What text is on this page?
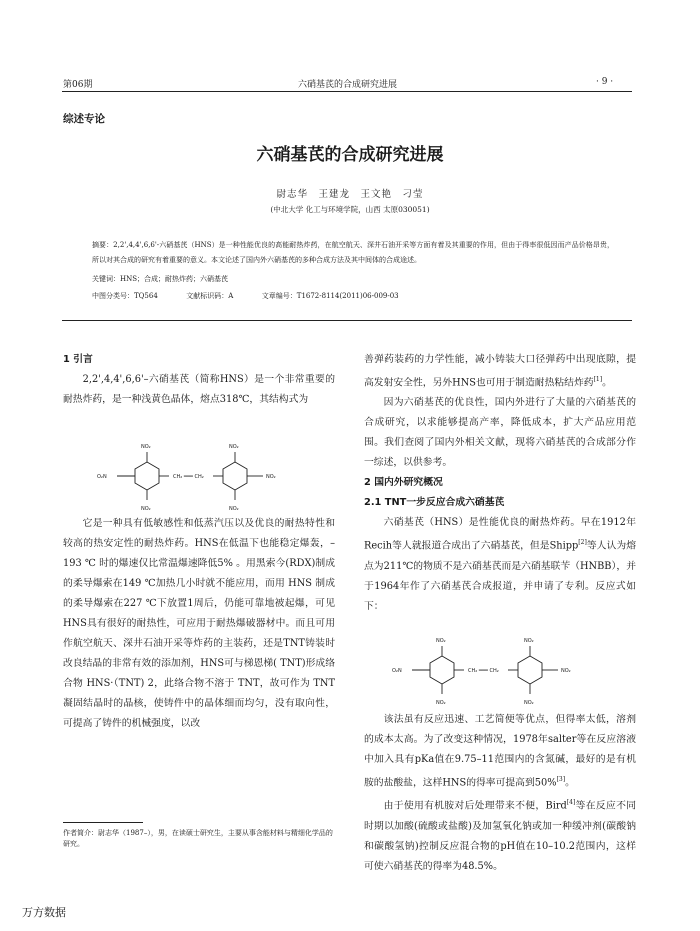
第06期	六硝基芪的合成研究进展	· 9 ·
综述专论
六硝基芪的合成研究进展
尉志华　王建龙　王文艳　刁莹
(中北大学 化工与环境学院，山西 太原030051)

摘要：2,2',4,4',6,6'-六硝基芪（HNS）是一种性能优良的高能耐热炸药，在航空航天、深井石油开采等方面有着及其重要的作用，但由于得率很低因而产品价格昂贵，所以对其合成的研究有着重要的意义。本文论述了国内外六硝基芪的多种合成方法及其中间体的合成途述。

关键词：HNS；合成；耐热炸药；六硝基芪

中图分类号：TQ564	文献标识码：A	文章编号：T1672-8114(2011)06-009-03

1 引言

2,2',4,4',6,6'–六硝基芪（简称HNS）是一个非常重要的耐热炸药，是一种浅黄色晶体，熔点318℃，其结构式为

NO₂
NO₂
O₂N	CH₂ ═══ CH₂
NO₂
NO₂
NO₂

它是一种具有低敏感性和低蒸汽压以及优良的耐热特性和较高的热安定性的耐热炸药。HNS在低温下也能稳定爆轰，– 193 ℃ 时的爆速仅比常温爆速降低5% 。用黑索今(RDX)制成的柔导爆索在149 ℃加热几小时就不能应用，而用 HNS 制成的柔导爆索在227 ℃下放置1周后，仍能可靠地被起爆，可见HNS具有很好的耐热性，可应用于耐热爆破器材中。而且可用作航空航天、深井石油开采等炸药的主装药，还是TNT铸装时改良结晶的非常有效的添加剂，HNS可与梯恩梯( TNT)形成络合物 HNS·（TNT) 2，此络合物不溶于 TNT，故可作为 TNT凝固结晶时的晶核，使铸件中的晶体细而均匀，没有取向性，可提高了铸件的机械强度，以改

作者简介：尉志华（1987–），男，在读硕士研究生，主要从事含能材料与精细化学品的研究。

善弹药装药的力学性能，减小铸装大口径弹药中出现底隙，提高发射安全性，另外HNS也可用于制造耐热粘结炸药[1]。

因为六硝基芪的优良性，国内外进行了大量的六硝基芪的合成研究，以求能够提高产率，降低成本，扩大产品应用范围。我们查阅了国内外相关文献，现将六硝基芪的合成部分作一综述，以供参考。

2 国内外研究概况

2.1 TNT一步反应合成六硝基芪

六硝基芪（HNS）是性能优良的耐热炸药。早在1912年Recih等人就报道合成出了六硝基芪，但是Shipp[2]等人认为熔点为211℃的物质不是六硝基芪而是六硝基联苄（HNBB），并于1964年作了六硝基芪合成报道，并申请了专利。反应式如下：

NO₂
NO₂
O₂N	CH₂ ═══ CH₂
NO₂
NO₂
NO₂

该法虽有反应迅速、工艺简便等优点，但得率太低，溶剂的成本太高。为了改变这种情况，1978年salter等在反应溶液中加入具有pKa值在9.75–11范围内的含氮碱，最好的是有机胺的盐酸盐，这样HNS的得率可提高到50%[3]。

由于使用有机胺对后处理带来不便，Bird[4]等在反应不同时期以加酸(硫酸或盐酸)及加氢氧化钠或加一种缓冲剂(碳酸钠和碳酸氢钠)控制反应混合物的pH值在10–10.2范围内，这样可使六硝基芪的得率为48.5%。

万方数据
